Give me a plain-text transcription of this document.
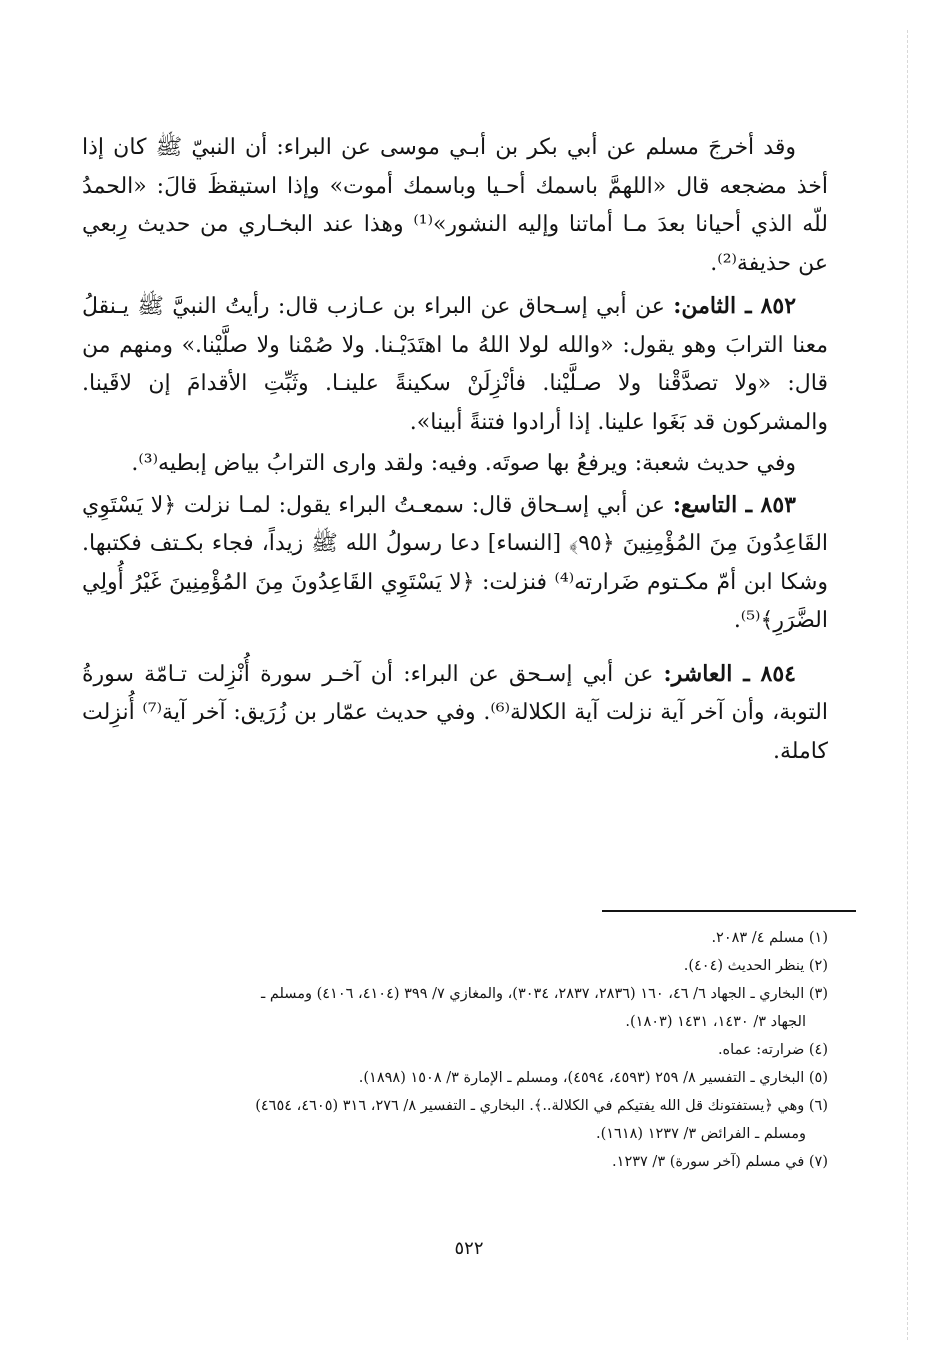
وقد أخرجَ مسلم عن أبي بكر بن أبـي موسى عن البراء: أن النبيّ ﷺ كان إذا أخذ مضجعه قال «اللهمَّ باسمك أحـيا وباسمك أموت» وإذا استيقظَ قالَ: «الحمدُ للّه الذي أحيانا بعدَ مـا أماتنا وإليه النشور»⁽¹⁾ وهذا عند البخـاري من حديث رِبعي عن حذيفة⁽²⁾.

٨٥٢ ـ الثامن: عن أبي إسـحاق عن البراء بن عـازب قال: رأيتُ النبيَّ ﷺ يـنقلُ معنا الترابَ وهو يقول: «والله لولا اللهُ ما اهتَدَيْـنا. ولا صُمْنا ولا صلَّيْنا.» ومنهم من قال: «ولا تصدَّقْنا ولا صـلَّيْنا. فأنْزِلَنْ سكينةً علينـا. وثَبِّتِ الأقدامَ إن لاقَينا. والمشركون قد بَغَوا علينا. إذا أرادوا فتنةً أبينا».

وفي حديث شعبة: ويرفعُ بها صوتَه. وفيه: ولقد وارى الترابُ بياض إبطيه⁽³⁾.

٨٥٣ ـ التاسع: عن أبي إسـحاق قال: سمعـتُ البراء يقول: لمـا نزلت ﴿لا يَسْتَوِي القَاعِدُونَ مِنَ المُؤْمِنِينَ ﴿٩٥﴾ [النساء] دعا رسولُ الله ﷺ زيداً، فجاء بكـتف فكتبها. وشكا ابن أمّ مكـتوم ضَرارته⁽⁴⁾ فنزلت: ﴿لا يَسْتَوِي القَاعِدُونَ مِنَ المُؤْمِنِينَ غَيْرُ أُولِي الضَّرَرِ﴾⁽⁵⁾.

٨٥٤ ـ العاشر: عن أبي إسـحق عن البراء: أن آخـر سورة أُنْزِلت تـامّة سورةُ التوبة، وأن آخر آية نزلت آية الكلالة⁽⁶⁾. وفي حديث عمّار بن زُرَيق: آخر آية⁽⁷⁾ أُنزِلت كاملة.

(١) مسلم ٤/ ٢٠٨٣.

(٢) ينظر الحديث (٤٠٤).

(٣) البخاري ـ الجهاد ٦/ ٤٦، ١٦٠ (٢٨٣٦، ٢٨٣٧، ٣٠٣٤)، والمغازي ٧/ ٣٩٩ (٤١٠٤، ٤١٠٦) ومسلم ـ

الجهاد ٣/ ١٤٣٠، ١٤٣١ (١٨٠٣).

(٤) ضرارته: عماه.

(٥) البخاري ـ التفسير ٨/ ٢٥٩ (٤٥٩٣، ٤٥٩٤)، ومسلم ـ الإمارة ٣/ ١٥٠٨ (١٨٩٨).

(٦) وهي ﴿يستفتونك قل الله يفتيكم في الكلالة..﴾. البخاري ـ التفسير ٨/ ٢٧٦، ٣١٦ (٤٦٠٥، ٤٦٥٤)

ومسلم ـ الفرائض ٣/ ١٢٣٧ (١٦١٨).

(٧) في مسلم (آخر سورة) ٣/ ١٢٣٧.

٥٢٢
